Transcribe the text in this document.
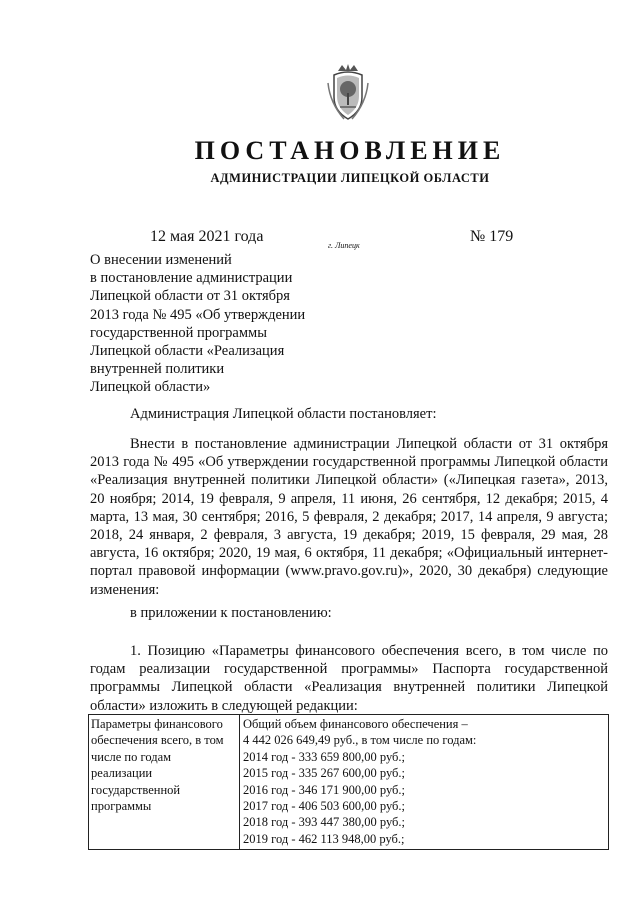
ПОСТАНОВЛЕНИЕ
АДМИНИСТРАЦИИ ЛИПЕЦКОЙ ОБЛАСТИ
12 мая 2021 года
г. Липецк
№ 179
О внесении изменений
в постановление администрации
Липецкой области от 31 октября
2013 года № 495 «Об утверждении
государственной программы
Липецкой области «Реализация
внутренней политики
Липецкой области»
Администрация Липецкой области постановляет:
Внести в постановление администрации Липецкой области от 31 октября 2013 года № 495 «Об утверждении государственной программы Липецкой области «Реализация внутренней политики Липецкой области» («Липецкая газета», 2013, 20 ноября; 2014, 19 февраля, 9 апреля, 11 июня, 26 сентября, 12 декабря; 2015, 4 марта, 13 мая, 30 сентября; 2016, 5 февраля, 2 декабря; 2017, 14 апреля, 9 августа; 2018, 24 января, 2 февраля, 3 августа, 19 декабря; 2019, 15 февраля, 29 мая, 28 августа, 16 октября; 2020, 19 мая, 6 октября, 11 декабря; «Официальный интернет-портал правовой информации (www.pravo.gov.ru)», 2020, 30 декабря) следующие изменения:
в приложении к постановлению:
1. Позицию «Параметры финансового обеспечения всего, в том числе по годам реализации государственной программы» Паспорта государственной программы Липецкой области «Реализация внутренней политики Липецкой области» изложить в следующей редакции:
Параметры финансового
обеспечения всего, в том
числе по годам
реализации
государственной
программы
Общий объем финансового обеспечения –
4 442 026 649,49 руб., в том числе по годам:
2014 год - 333 659 800,00 руб.;
2015 год - 335 267 600,00 руб.;
2016 год - 346 171 900,00 руб.;
2017 год - 406 503 600,00 руб.;
2018 год - 393 447 380,00 руб.;
2019 год - 462 113 948,00 руб.;
